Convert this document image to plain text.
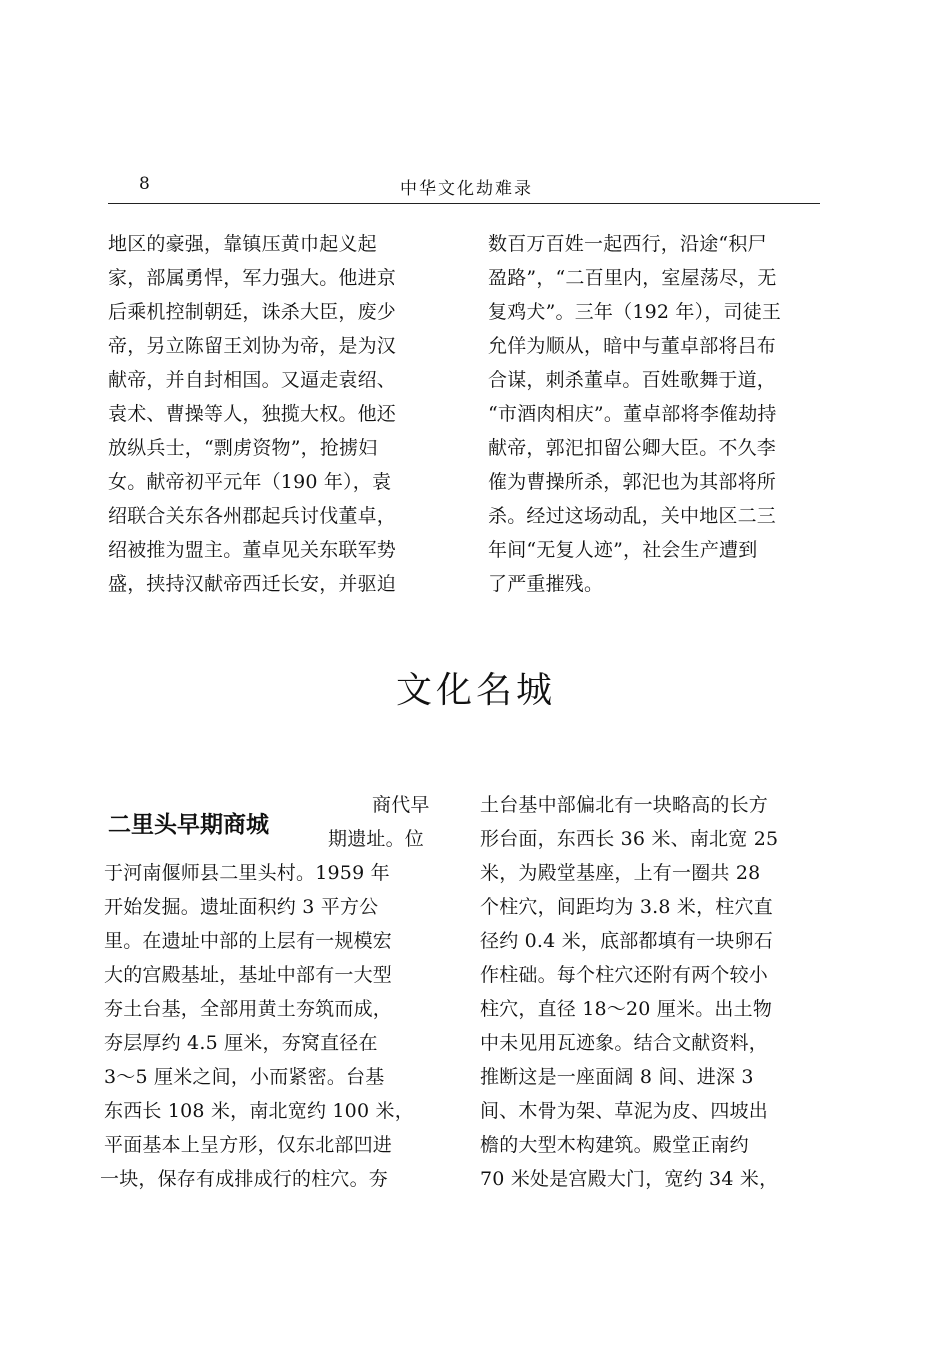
8	中华文化劫难录
地区的豪强，靠镇压黄巾起义起
家，部属勇悍，军力强大。他进京
后乘机控制朝廷，诛杀大臣，废少
帝，另立陈留王刘协为帝，是为汉
献帝，并自封相国。又逼走袁绍、
袁术、曹操等人，独揽大权。他还
放纵兵士，“剽虏资物”，抢掳妇
女。献帝初平元年（190 年），袁
绍联合关东各州郡起兵讨伐董卓，
绍被推为盟主。董卓见关东联军势
盛，挟持汉献帝西迁长安，并驱迫
数百万百姓一起西行，沿途“积尸
盈路”，“二百里内，室屋荡尽，无
复鸡犬”。三年（192 年），司徒王
允佯为顺从，暗中与董卓部将吕布
合谋，刺杀董卓。百姓歌舞于道，
“市酒肉相庆”。董卓部将李傕劫持
献帝，郭汜扣留公卿大臣。不久李
傕为曹操所杀，郭汜也为其部将所
杀。经过这场动乱，关中地区二三
年间“无复人迹”，社会生产遭到
了严重摧残。
文化名城
二里头早期商城
商代早
期遗址。位
于河南偃师县二里头村。1959 年
开始发掘。遗址面积约 3 平方公
里。在遗址中部的上层有一规模宏
大的宫殿基址，基址中部有一大型
夯土台基，全部用黄土夯筑而成，
夯层厚约 4.5 厘米，夯窝直径在
3～5 厘米之间，小而紧密。台基
东西长 108 米，南北宽约 100 米，
平面基本上呈方形，仅东北部凹进
一块，保存有成排成行的柱穴。夯
土台基中部偏北有一块略高的长方
形台面，东西长 36 米、南北宽 25
米，为殿堂基座，上有一圈共 28
个柱穴，间距均为 3.8 米，柱穴直
径约 0.4 米，底部都填有一块卵石
作柱础。每个柱穴还附有两个较小
柱穴，直径 18～20 厘米。出土物
中未见用瓦迹象。结合文献资料，
推断这是一座面阔 8 间、进深 3
间、木骨为架、草泥为皮、四坡出
檐的大型木构建筑。殿堂正南约
70 米处是宫殿大门，宽约 34 米，
